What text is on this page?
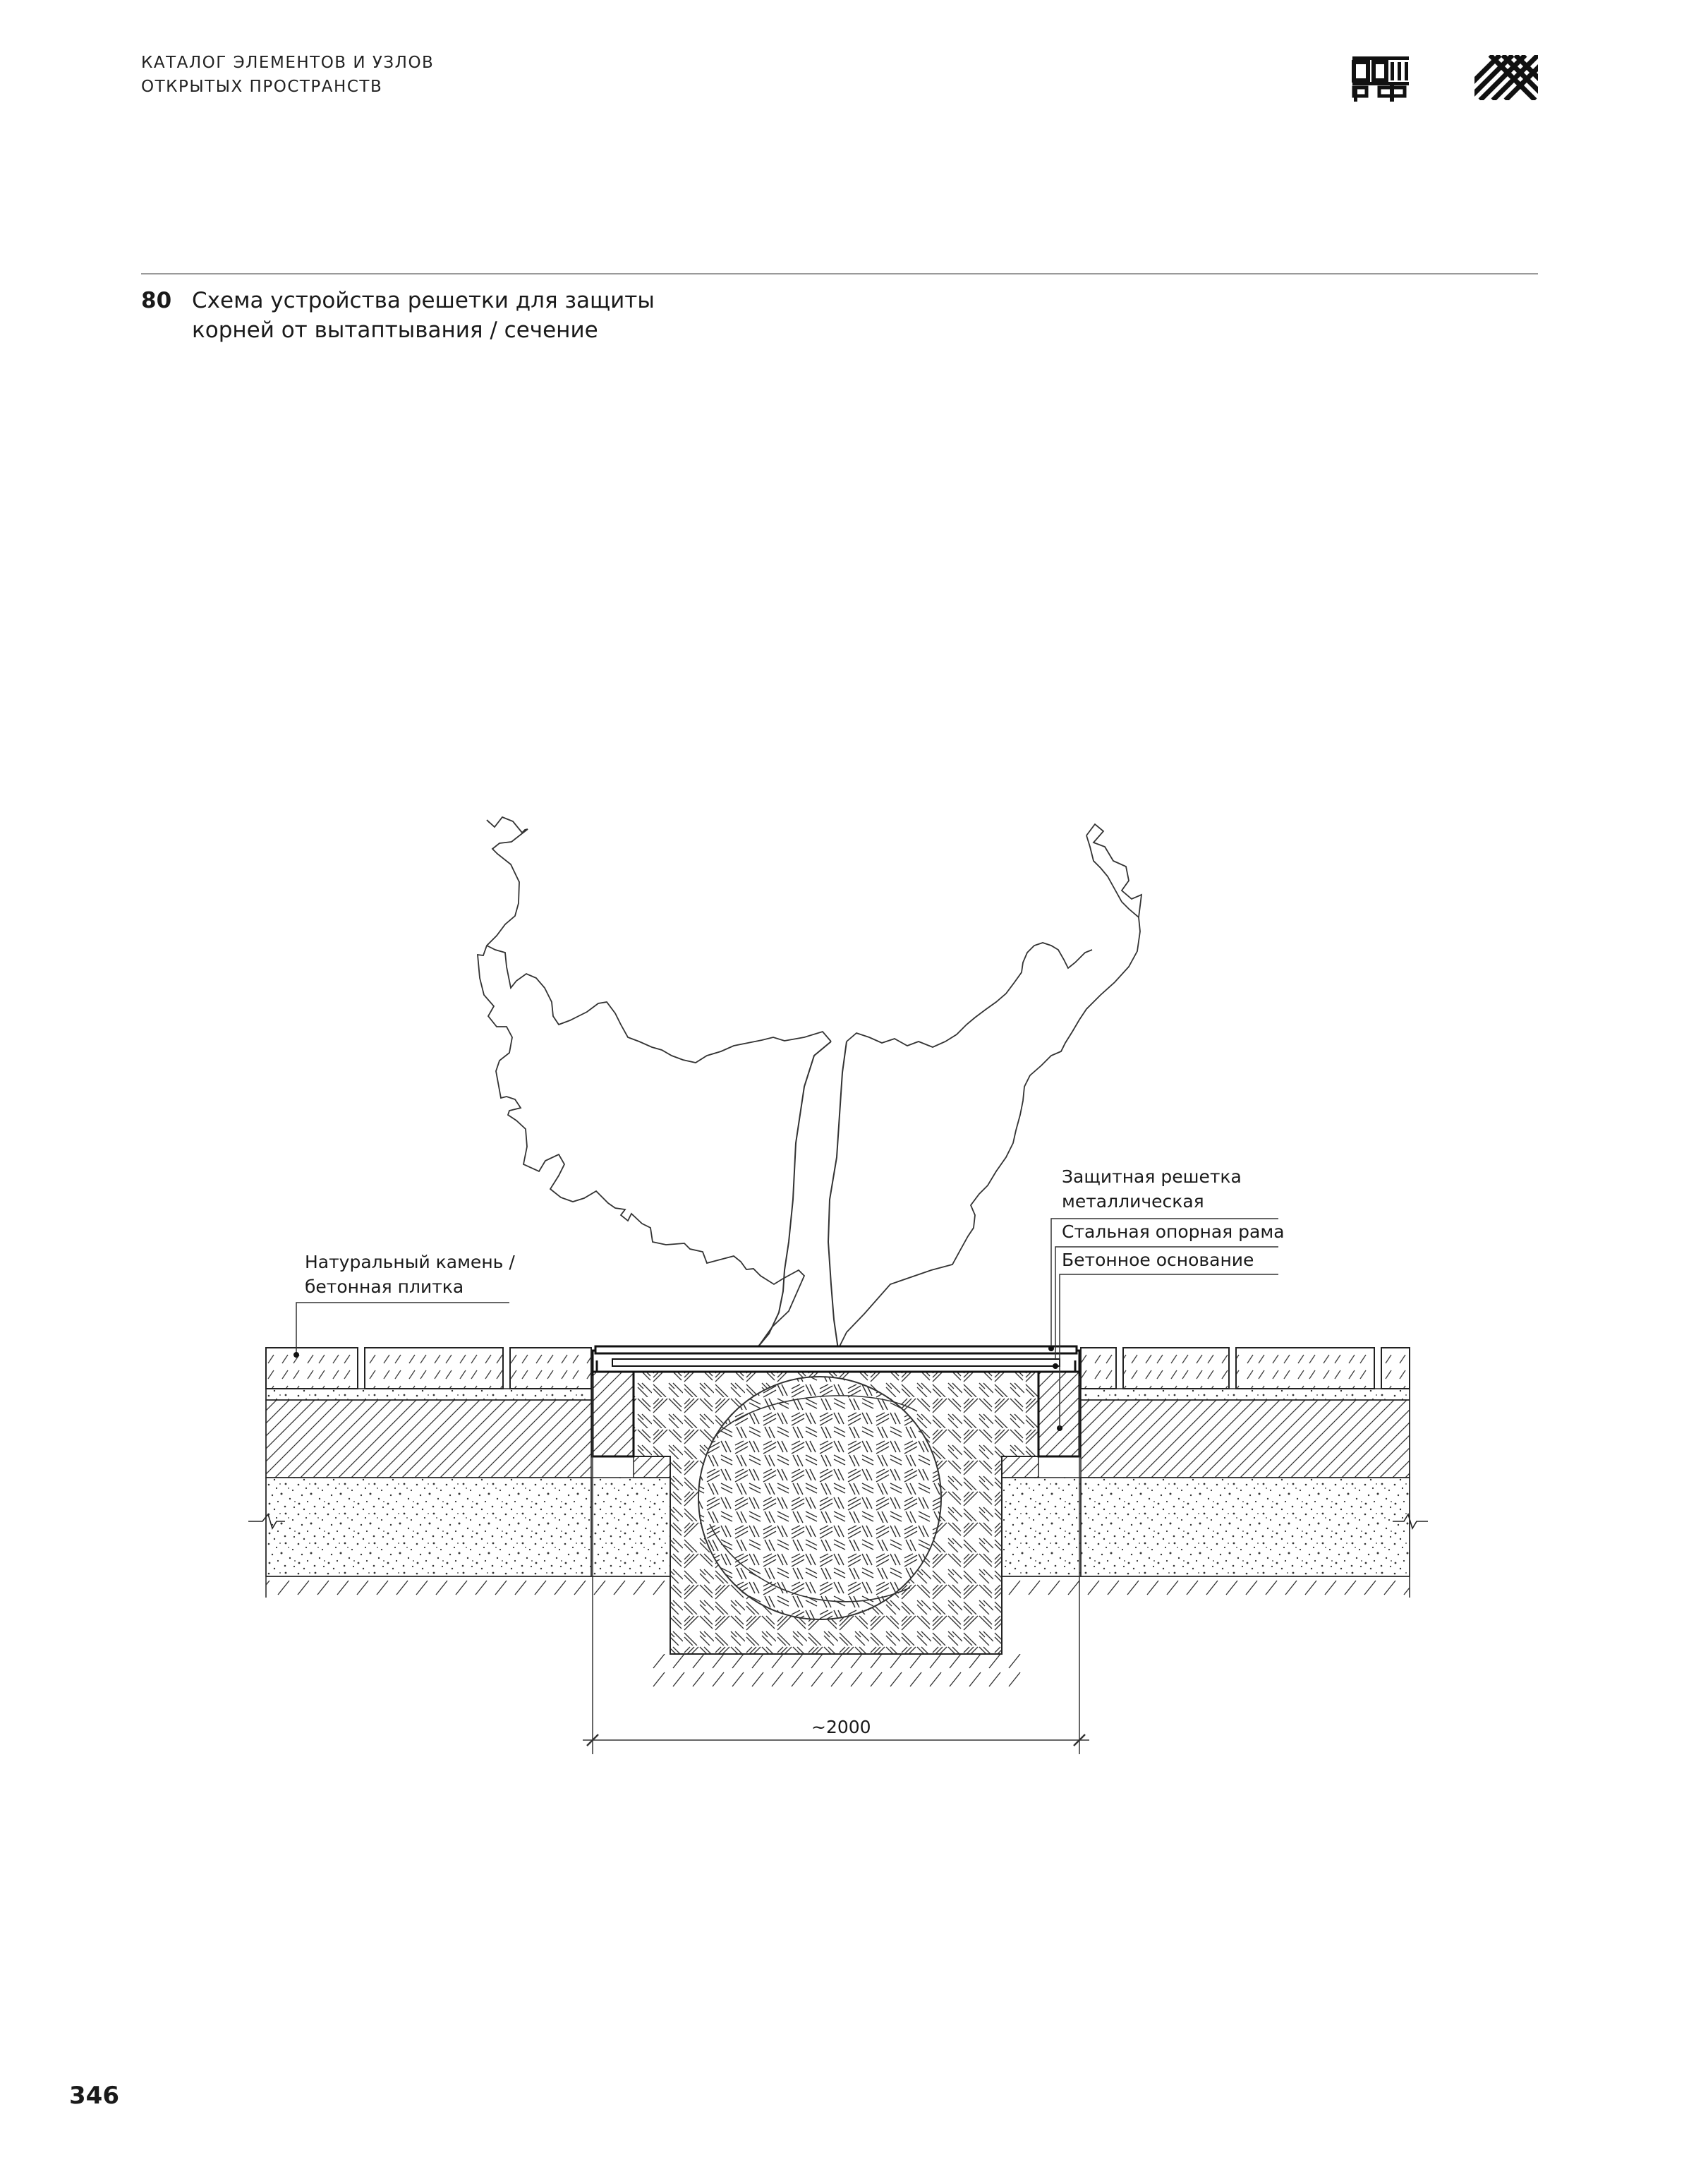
КАТАЛОГ ЭЛЕМЕНТОВ И УЗЛОВ
ОТКРЫТЫХ ПРОСТРАНСТВ
80 Схема устройства решетки для защиты
корней от вытаптывания / сечение
Натуральный камень /
бетонная плитка
Защитная решетка
металлическая
Стальная опорная рама
Бетонное основание
~2000
346
